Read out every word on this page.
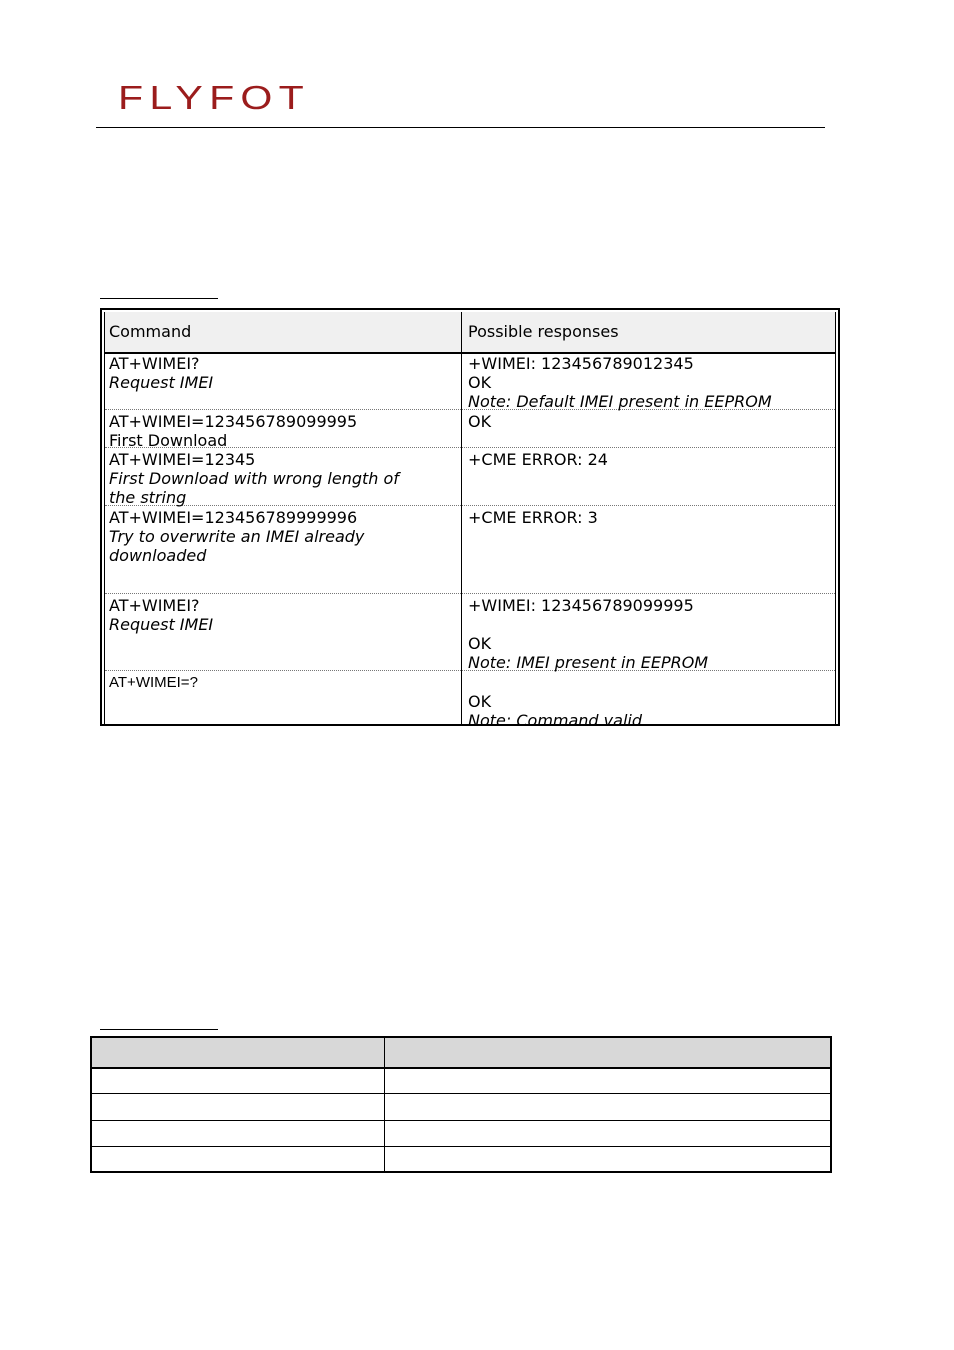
FLYFOT
Command	Possible responses
AT+WIMEI?
Request IMEI
+WIMEI: 123456789012345
OK
Note: Default IMEI present in EEPROM
AT+WIMEI=123456789099995
First Download
OK
AT+WIMEI=12345
First Download with wrong length of
the string
+CME ERROR: 24
AT+WIMEI=123456789999996
Try to overwrite an IMEI already
downloaded
+CME ERROR: 3
AT+WIMEI?
Request IMEI
+WIMEI: 123456789099995
OK
Note: IMEI present in EEPROM
AT+WIMEI=?
OK
Note: Command valid
